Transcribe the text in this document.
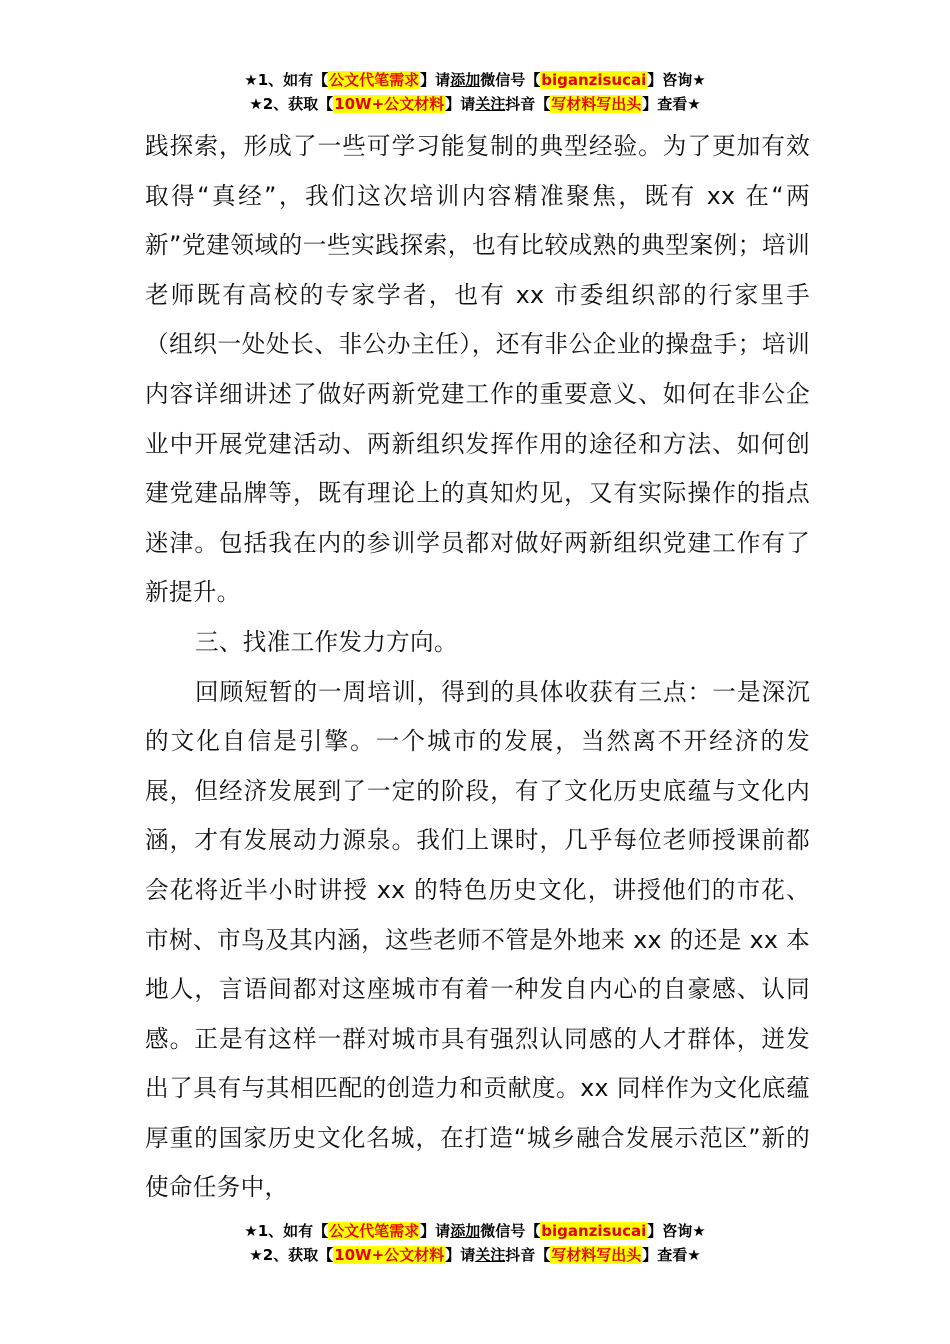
★1、如有【公文代笔需求】请添加微信号【biganzisucai】咨询★
★2、获取【10W+公文材料】请关注抖音【写材料写出头】查看★

践探索，形成了一些可学习能复制的典型经验。为了更加有效取得“真经”，我们这次培训内容精准聚焦，既有 xx 在“两新”党建领域的一些实践探索，也有比较成熟的典型案例；培训老师既有高校的专家学者，也有 xx 市委组织部的行家里手（组织一处处长、非公办主任），还有非公企业的操盘手；培训内容详细讲述了做好两新党建工作的重要意义、如何在非公企业中开展党建活动、两新组织发挥作用的途径和方法、如何创建党建品牌等，既有理论上的真知灼见，又有实际操作的指点迷津。包括我在内的参训学员都对做好两新组织党建工作有了新提升。

三、找准工作发力方向。

回顾短暂的一周培训，得到的具体收获有三点：一是深沉的文化自信是引擎。一个城市的发展，当然离不开经济的发展，但经济发展到了一定的阶段，有了文化历史底蕴与文化内涵，才有发展动力源泉。我们上课时，几乎每位老师授课前都会花将近半小时讲授 xx 的特色历史文化，讲授他们的市花、市树、市鸟及其内涵，这些老师不管是外地来 xx 的还是 xx 本地人，言语间都对这座城市有着一种发自内心的自豪感、认同感。正是有这样一群对城市具有强烈认同感的人才群体，迸发出了具有与其相匹配的创造力和贡献度。xx 同样作为文化底蕴厚重的国家历史文化名城，在打造“城乡融合发展示范区”新的使命任务中，

★1、如有【公文代笔需求】请添加微信号【biganzisucai】咨询★
★2、获取【10W+公文材料】请关注抖音【写材料写出头】查看★
